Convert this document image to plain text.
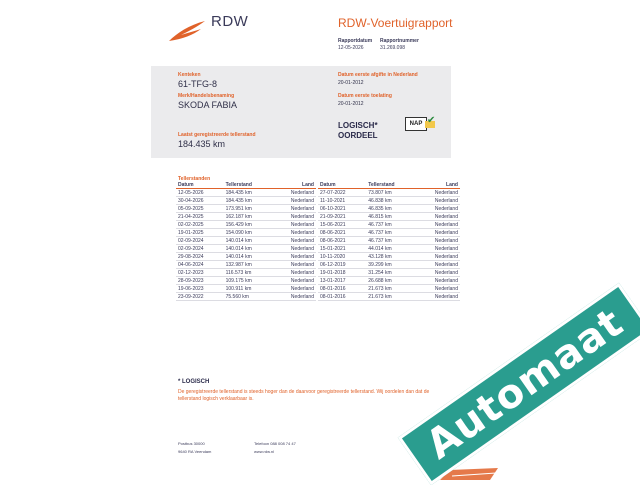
RDW	RDW-Voertuigrapport
Rapportdatum
12-05-2026
Rapportnummer
31.269.098
Kenteken
61-TFG-8
Merk/Handelsbenaming
SKODA FABIA
Laatst geregistreerde tellerstand
184.435 km
Datum eerste afgifte in Nederland
20-01-2012
Datum eerste toelating
20-01-2012
LOGISCH*
OORDEEL
NAP ✔
Tellerstanden
Datum	Tellerstand	Land
12-05-2026	184.435 km	Nederland
30-04-2026	184.435 km	Nederland
05-09-2025	173.951 km	Nederland
21-04-2025	162.187 km	Nederland
02-02-2025	156.429 km	Nederland
19-01-2025	154.090 km	Nederland
02-09-2024	140.014 km	Nederland
02-09-2024	140.014 km	Nederland
29-08-2024	140.014 km	Nederland
04-06-2024	132.987 km	Nederland
02-12-2023	116.573 km	Nederland
28-09-2023	109.175 km	Nederland
19-06-2023	100.911 km	Nederland
23-09-2022	75.560 km	Nederland
Datum	Tellerstand	Land
27-07-2022	73.807 km	Nederland
11-10-2021	46.838 km	Nederland
06-10-2021	46.835 km	Nederland
21-09-2021	46.815 km	Nederland
15-06-2021	46.737 km	Nederland
08-06-2021	46.737 km	Nederland
08-06-2021	46.737 km	Nederland
15-01-2021	44.014 km	Nederland
10-11-2020	43.128 km	Nederland
06-12-2019	39.299 km	Nederland
19-01-2018	31.254 km	Nederland
13-01-2017	26.688 km	Nederland
08-01-2016	21.673 km	Nederland
08-01-2016	21.673 km	Nederland
* LOGISCH
De geregistreerde tellerstand is steeds hoger dan de daarvoor geregistreerde tellerstand. Wij oordelen dan dat de tellerstand logisch verklaarbaar is.
Postbus 30000
9640 RA Veendam
Telefoon 088 008 74 47
www.rdw.nl	Automaat
